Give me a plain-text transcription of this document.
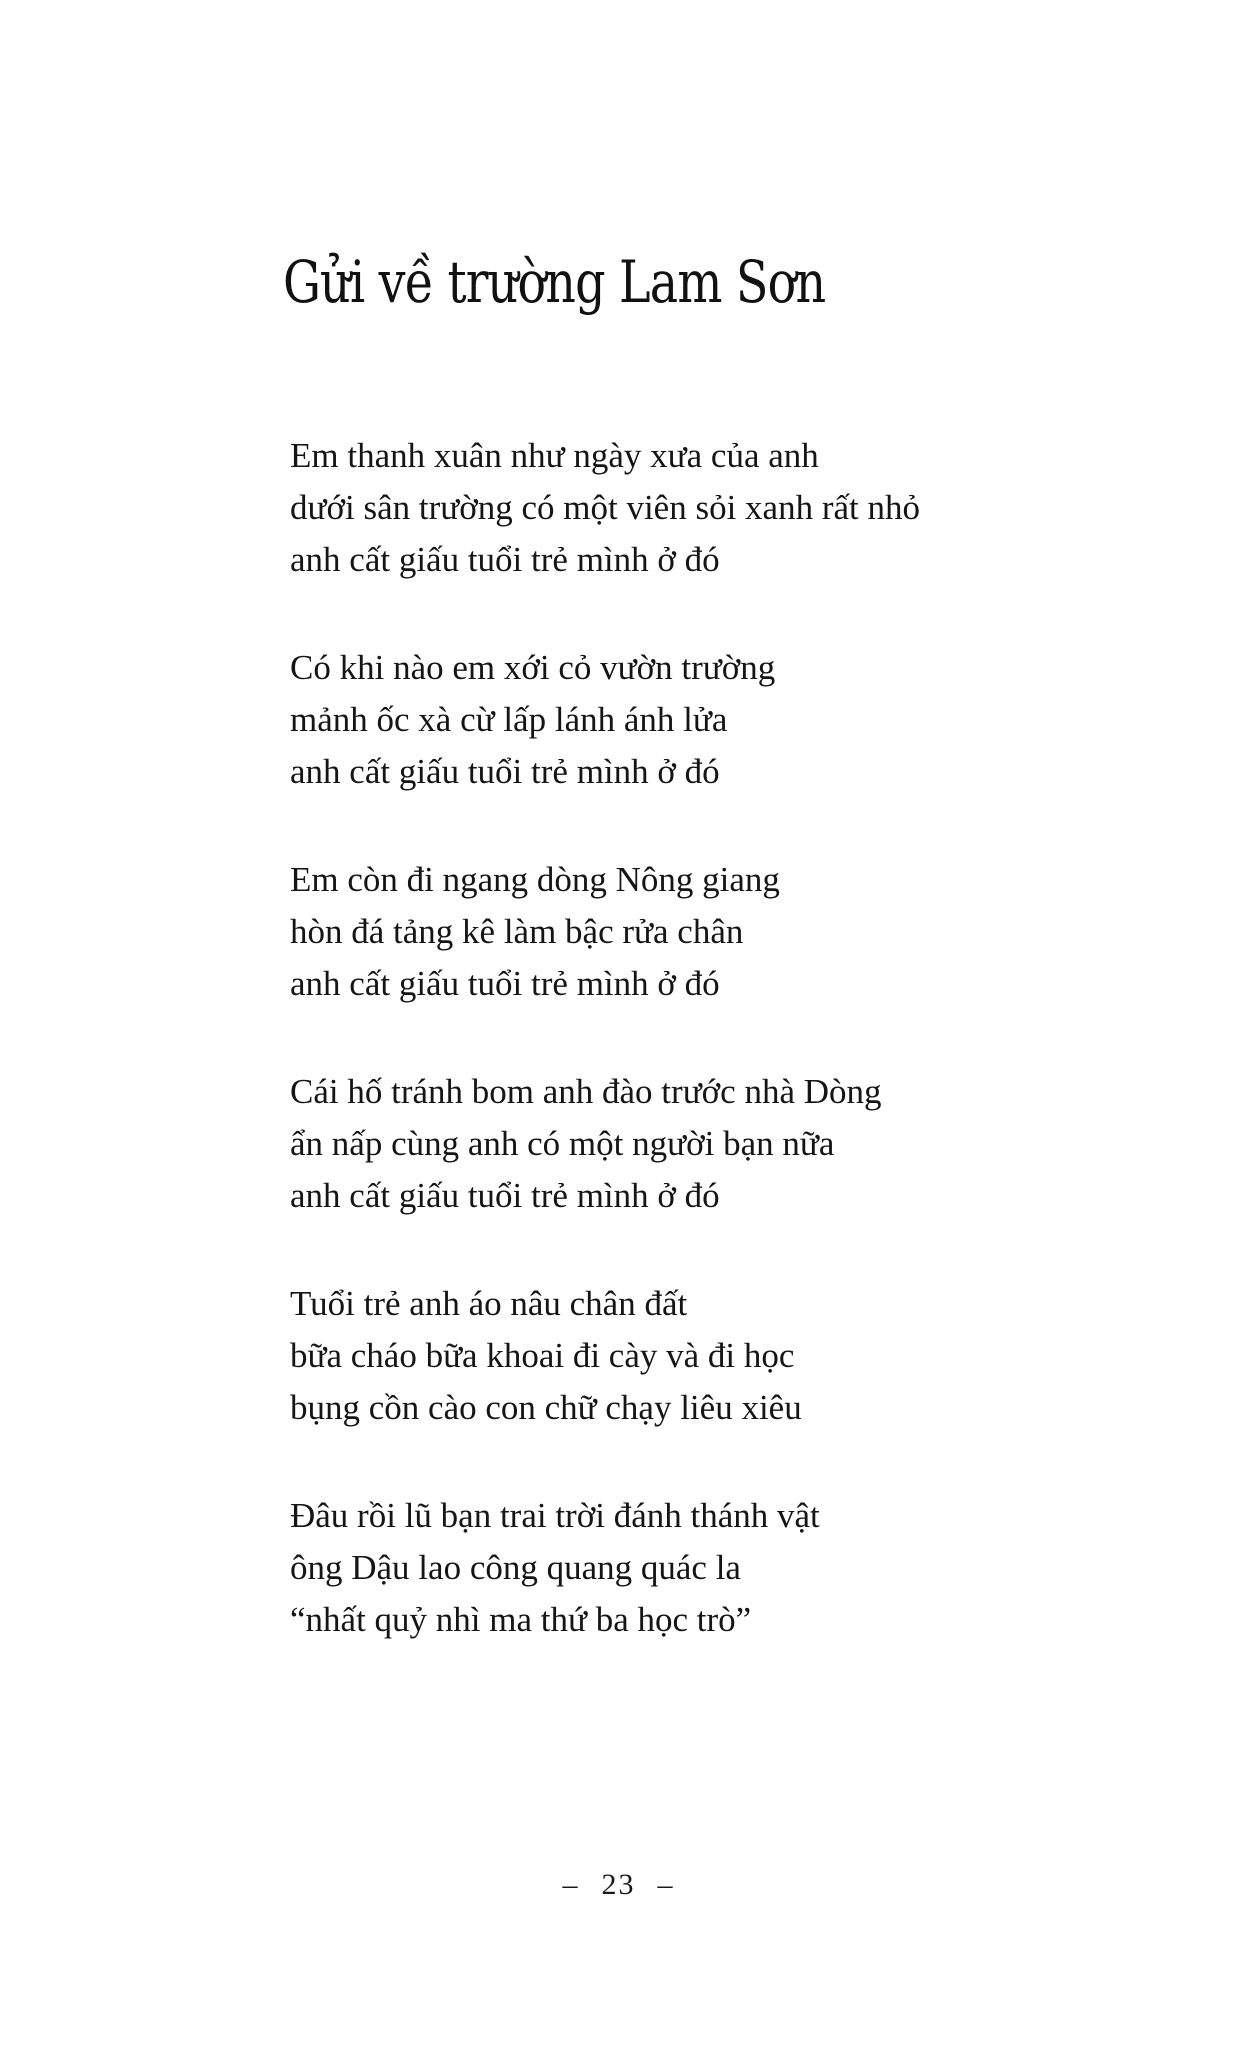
Gửi về trường Lam Sơn
Em thanh xuân như ngày xưa của anh
dưới sân trường có một viên sỏi xanh rất nhỏ
anh cất giấu tuổi trẻ mình ở đó
Có khi nào em xới cỏ vườn trường
mảnh ốc xà cừ lấp lánh ánh lửa
anh cất giấu tuổi trẻ mình ở đó
Em còn đi ngang dòng Nông giang
hòn đá tảng kê làm bậc rửa chân
anh cất giấu tuổi trẻ mình ở đó
Cái hố tránh bom anh đào trước nhà Dòng
ẩn nấp cùng anh có một người bạn nữa
anh cất giấu tuổi trẻ mình ở đó
Tuổi trẻ anh áo nâu chân đất
bữa cháo bữa khoai đi cày và đi học
bụng cồn cào con chữ chạy liêu xiêu
Đâu rồi lũ bạn trai trời đánh thánh vật
ông Dậu lao công quang quác la
“nhất quỷ nhì ma thứ ba học trò”
– 23 –
